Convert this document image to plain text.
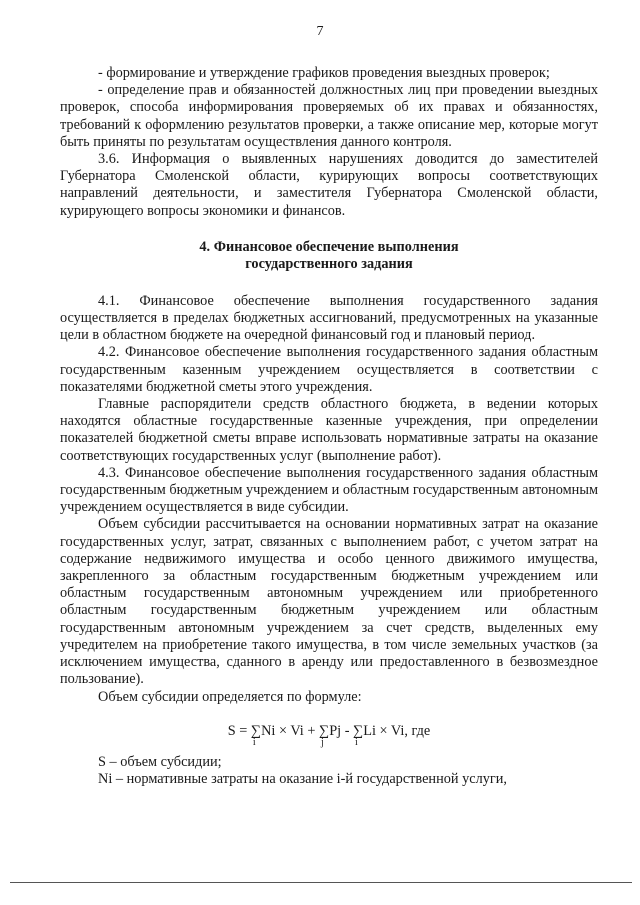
7

- формирование и утверждение графиков проведения выездных проверок;

- определение прав и обязанностей должностных лиц при проведении выездных проверок, способа информирования проверяемых об их правах и обязанностях, требований к оформлению результатов проверки, а также описание мер, которые могут быть приняты по результатам осуществления данного контроля.

3.6. Информация о выявленных нарушениях доводится до заместителей Губернатора Смоленской области, курирующих вопросы соответствующих направлений деятельности, и заместителя Губернатора Смоленской области, курирующего вопросы экономики и финансов.

4. Финансовое обеспечение выполнения
государственного задания

4.1. Финансовое обеспечение выполнения государственного задания осуществляется в пределах бюджетных ассигнований, предусмотренных на указанные цели в областном бюджете на очередной финансовый год и плановый период.

4.2. Финансовое обеспечение выполнения государственного задания областным государственным казенным учреждением осуществляется в соответствии с показателями бюджетной сметы этого учреждения.

Главные распорядители средств областного бюджета, в ведении которых находятся областные государственные казенные учреждения, при определении показателей бюджетной сметы вправе использовать нормативные затраты на оказание соответствующих государственных услуг (выполнение работ).

4.3. Финансовое обеспечение выполнения государственного задания областным государственным бюджетным учреждением и областным государственным автономным учреждением осуществляется в виде субсидии.

Объем субсидии рассчитывается на основании нормативных затрат на оказание государственных услуг, затрат, связанных с выполнением работ, с учетом затрат на содержание недвижимого имущества и особо ценного движимого имущества, закрепленного за областным государственным бюджетным учреждением или областным государственным автономным учреждением или приобретенного областным государственным бюджетным учреждением или областным государственным автономным учреждением за счет средств, выделенных ему учредителем на приобретение такого имущества, в том числе земельных участков (за исключением имущества, сданного в аренду или предоставленного в безвозмездное пользование).

Объем субсидии определяется по формуле:

S = ∑
i
Ni × Vi + ∑
j
Pj - ∑
i
Li × Vi, где

S – объем субсидии;

Ni – нормативные затраты на оказание i-й государственной услуги,
